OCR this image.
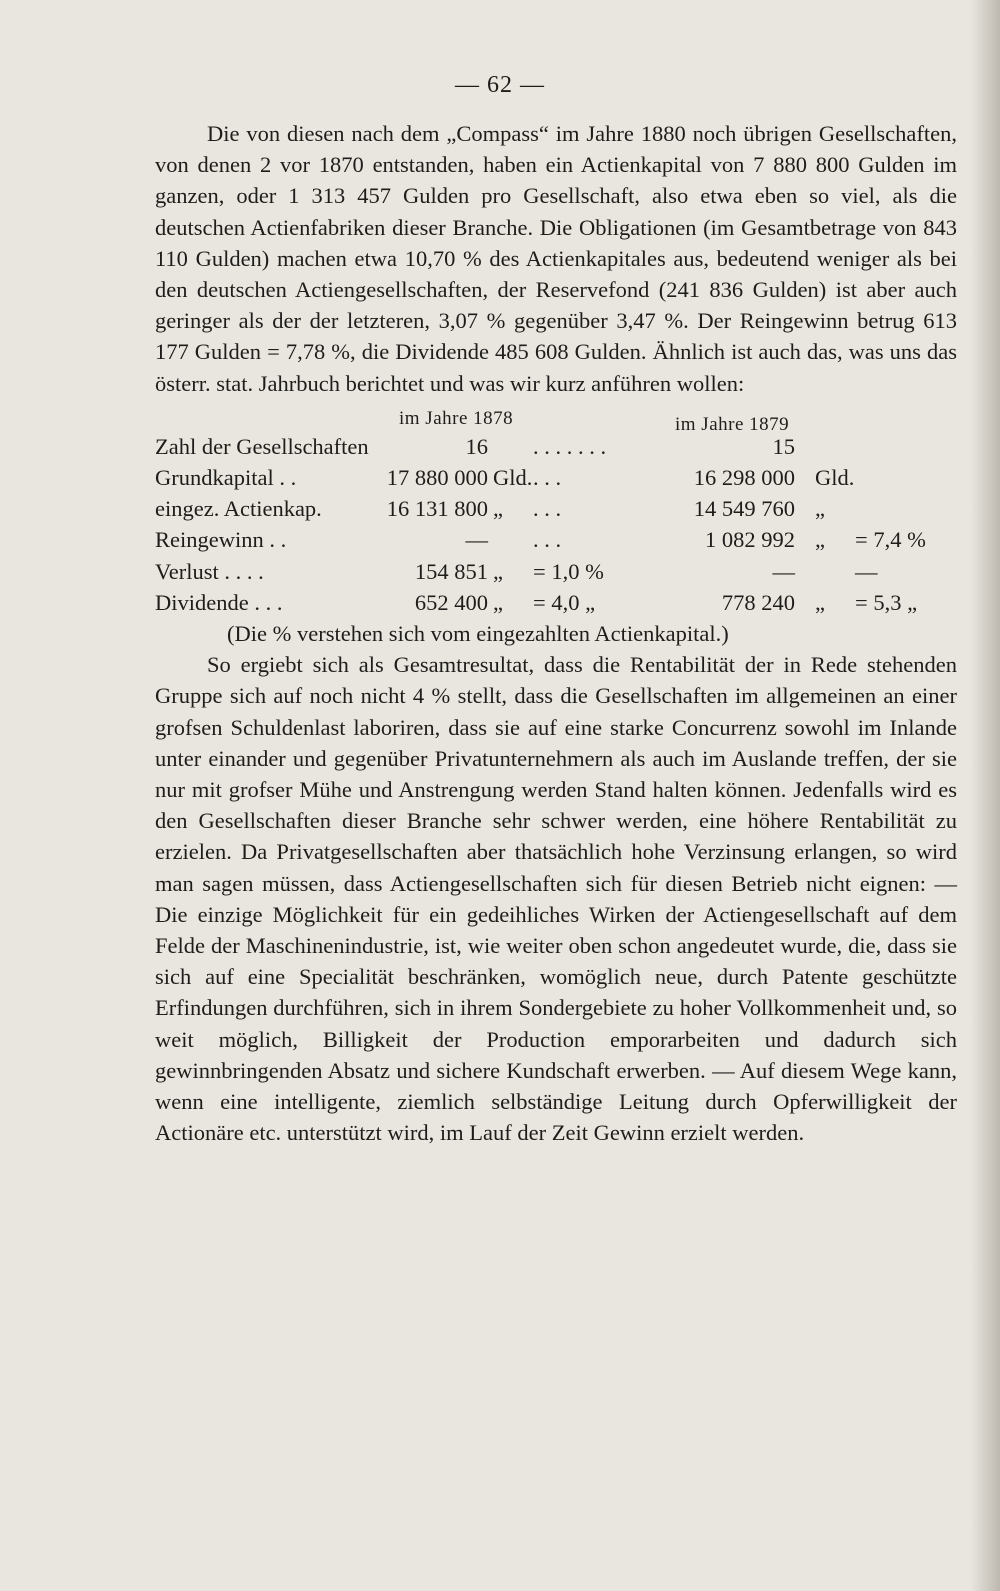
— 62 —

Die von diesen nach dem „Compass“ im Jahre 1880 noch übrigen Gesellschaften, von denen 2 vor 1870 entstanden, haben ein Actienkapital von 7 880 800 Gulden im ganzen, oder 1 313 457 Gulden pro Gesellschaft, also etwa eben so viel, als die deutschen Actienfabriken dieser Branche. Die Obligationen (im Gesamtbetrage von 843 110 Gulden) machen etwa 10,70 % des Actienkapitales aus, bedeutend weniger als bei den deutschen Actiengesellschaften, der Reservefond (241 836 Gulden) ist aber auch geringer als der der letzteren, 3,07 % gegenüber 3,47 %. Der Reingewinn betrug 613 177 Gulden = 7,78 %, die Dividende 485 608 Gulden. Ähnlich ist auch das, was uns das österr. stat. Jahrbuch berichtet und was wir kurz anführen wollen:

im Jahre 1878	im Jahre 1879
Zahl der Gesellschaften	16 . . . . . . .	15
Grundkapital . .	17 880 000 Gld. . . .	16 298 000 Gld.
eingez. Actienkap.	16 131 800 „ . . .	14 549 760 „
Reingewinn . .	— . . .	1 082 992 „ = 7,4 %
Verlust . . . .	154 851 „ = 1,0 %	—	—
Dividende . . .	652 400 „ = 4,0 „	778 240 „ = 5,3 „

(Die % verstehen sich vom eingezahlten Actienkapital.)

So ergiebt sich als Gesamtresultat, dass die Rentabilität der in Rede stehenden Gruppe sich auf noch nicht 4 % stellt, dass die Gesellschaften im allgemeinen an einer grofsen Schuldenlast laboriren, dass sie auf eine starke Concurrenz sowohl im Inlande unter einander und gegenüber Privatunternehmern als auch im Auslande treffen, der sie nur mit grofser Mühe und Anstrengung werden Stand halten können. Jedenfalls wird es den Gesellschaften dieser Branche sehr schwer werden, eine höhere Rentabilität zu erzielen. Da Privatgesellschaften aber thatsächlich hohe Verzinsung erlangen, so wird man sagen müssen, dass Actiengesellschaften sich für diesen Betrieb nicht eignen: — Die einzige Möglichkeit für ein gedeihliches Wirken der Actiengesellschaft auf dem Felde der Maschinenindustrie, ist, wie weiter oben schon angedeutet wurde, die, dass sie sich auf eine Specialität beschränken, womöglich neue, durch Patente geschützte Erfindungen durchführen, sich in ihrem Sondergebiete zu hoher Vollkommenheit und, so weit möglich, Billigkeit der Production emporarbeiten und dadurch sich gewinnbringenden Absatz und sichere Kundschaft erwerben. — Auf diesem Wege kann, wenn eine intelligente, ziemlich selbständige Leitung durch Opferwilligkeit der Actionäre etc. unterstützt wird, im Lauf der Zeit Gewinn erzielt werden.
